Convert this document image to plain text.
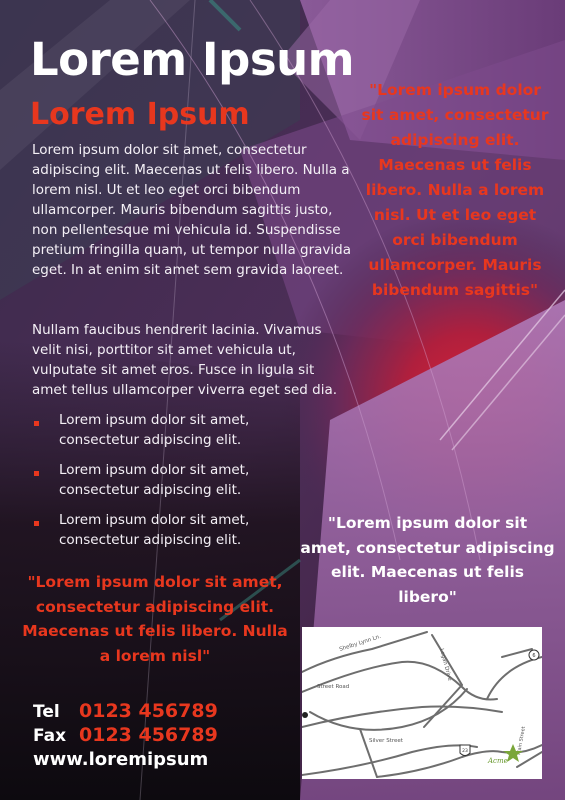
Lorem Ipsum
Lorem Ipsum
Lorem ipsum dolor sit amet, consectetur adipiscing elit. Maecenas ut felis libero. Nulla a lorem nisl. Ut et leo eget orci bibendum ullamcorper. Mauris bibendum sagittis justo, non pellentesque mi vehicula id. Suspendisse pretium fringilla quam, ut tempor nulla gravida eget. In at enim sit amet sem gravida laoreet.
Nullam faucibus hendrerit lacinia. Vivamus velit nisi, porttitor sit amet vehicula ut, vulputate sit amet eros. Fusce in ligula sit amet tellus ullamcorper viverra eget sed dia.
Lorem ipsum dolor sit amet, consectetur adipiscing elit.
Lorem ipsum dolor sit amet, consectetur adipiscing elit.
Lorem ipsum dolor sit amet, consectetur adipiscing elit.
"Lorem ipsum dolor sit amet, consectetur adipiscing elit. Maecenas ut felis libero. Nulla a lorem nisl. Ut et leo eget orci bibendum ullamcorper. Mauris bibendum sagittis"
"Lorem ipsum dolor sit amet, consectetur adipiscing elit. Maecenas ut felis libero"
"Lorem ipsum dolor sit amet, consectetur adipiscing elit. Maecenas ut felis libero. Nulla a lorem nisl"
Tel 0123 456789
Fax 0123 456789
www.loremipsum
Shelby Lynn Ln.
Logan Drive
Street Road
Silver Street	Main Street
6
23
Acme
